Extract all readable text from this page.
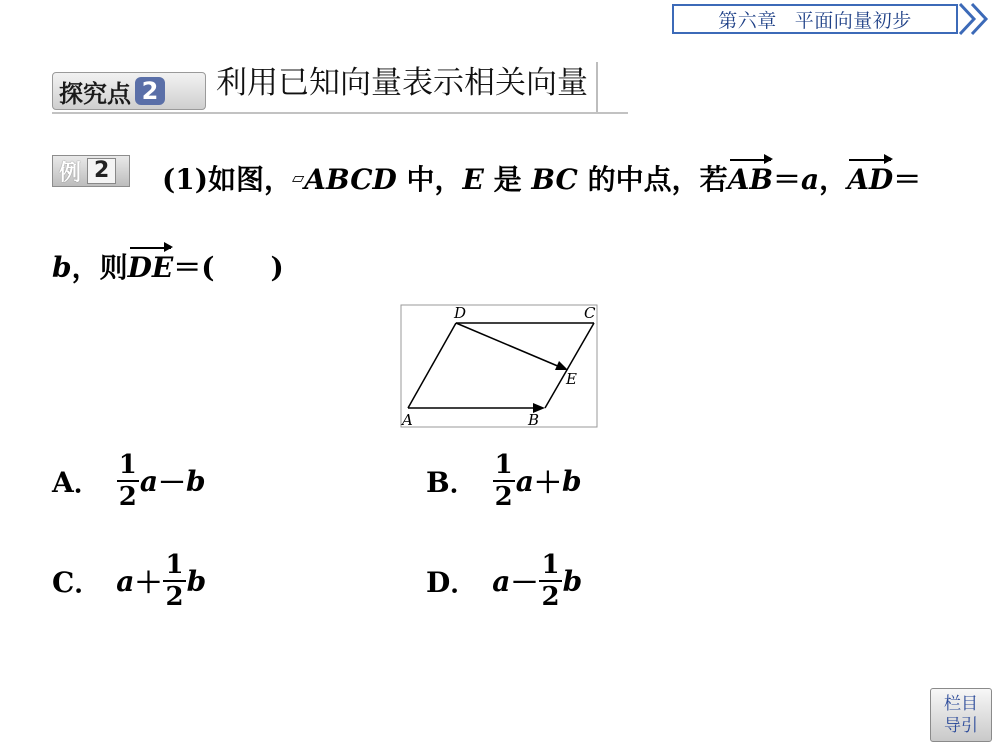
第六章 平面向量初步
探究点 2 利用已知向量表示相关向量
例 2 (1)如图，▱ABCD 中，E 是 BC 的中点，若AB＝a，AD＝
b，则DE＝(　　)
D	C
E
A	B
A． $\frac{1}{2}$ a － b	B． $\frac{1}{2}$ a ＋ b
C． $a + \frac{1}{2}$ b	D． $a - \frac{1}{2}$ b
栏目
导引
